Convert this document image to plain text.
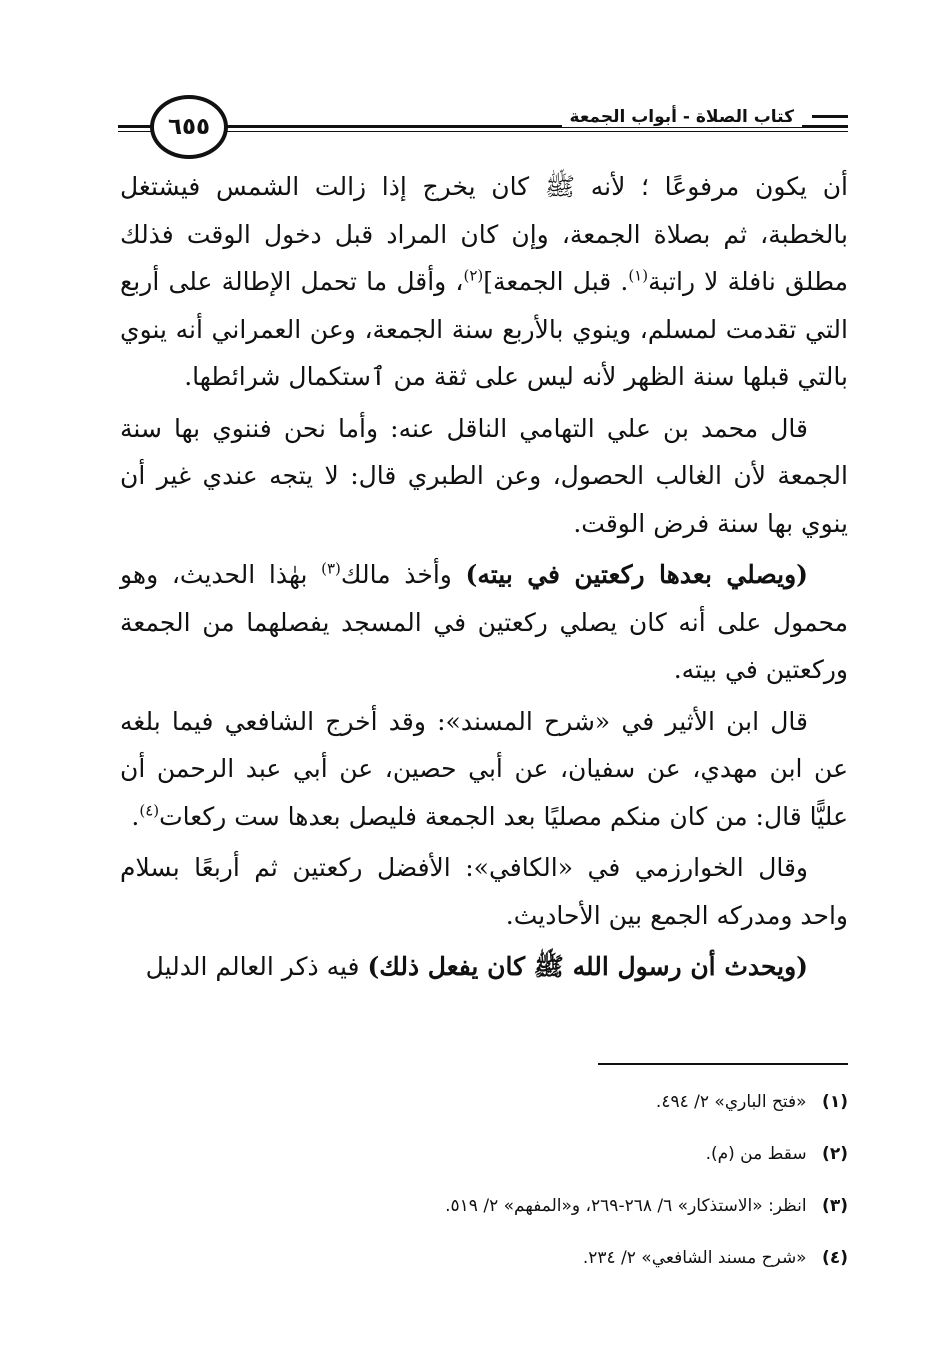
كتاب الصلاة - أبواب الجمعة
٦٥٥

أن يكون مرفوعًا ؛ لأنه ﷺ كان يخرج إذا زالت الشمس فيشتغل بالخطبة، ثم بصلاة الجمعة، وإن كان المراد قبل دخول الوقت فذلك مطلق نافلة لا راتبة$^{(١)}$. قبل الجمعة]$^{(٢)}$، وأقل ما تحمل الإطالة على أربع التي تقدمت لمسلم، وينوي بالأربع سنة الجمعة، وعن العمراني أنه ينوي بالتي قبلها سنة الظهر لأنه ليس على ثقة من ٱستكمال شرائطها.

قال محمد بن علي التهامي الناقل عنه: وأما نحن فننوي بها سنة الجمعة لأن الغالب الحصول، وعن الطبري قال: لا يتجه عندي غير أن ينوي بها سنة فرض الوقت.

(ويصلي بعدها ركعتين في بيته) وأخذ مالك$^{(٣)}$ بهٰذا الحديث، وهو محمول على أنه كان يصلي ركعتين في المسجد يفصلهما من الجمعة وركعتين في بيته.

قال ابن الأثير في «شرح المسند»: وقد أخرج الشافعي فيما بلغه عن ابن مهدي، عن سفيان، عن أبي حصين، عن أبي عبد الرحمن أن عليًّا قال: من كان منكم مصليًا بعد الجمعة فليصل بعدها ست ركعات$^{(٤)}$.

وقال الخوارزمي في «الكافي»: الأفضل ركعتين ثم أربعًا بسلام واحد ومدركه الجمع بين الأحاديث.

(ويحدث أن رسول الله ﷺ كان يفعل ذلك) فيه ذكر العالم الدليل

(١) «فتح الباري» ٢/ ٤٩٤.
(٢) سقط من (م).
(٣) انظر: «الاستذكار» ٦/ ٢٦٨-٢٦٩، و«المفهم» ٢/ ٥١٩.
(٤) «شرح مسند الشافعي» ٢/ ٢٣٤.
